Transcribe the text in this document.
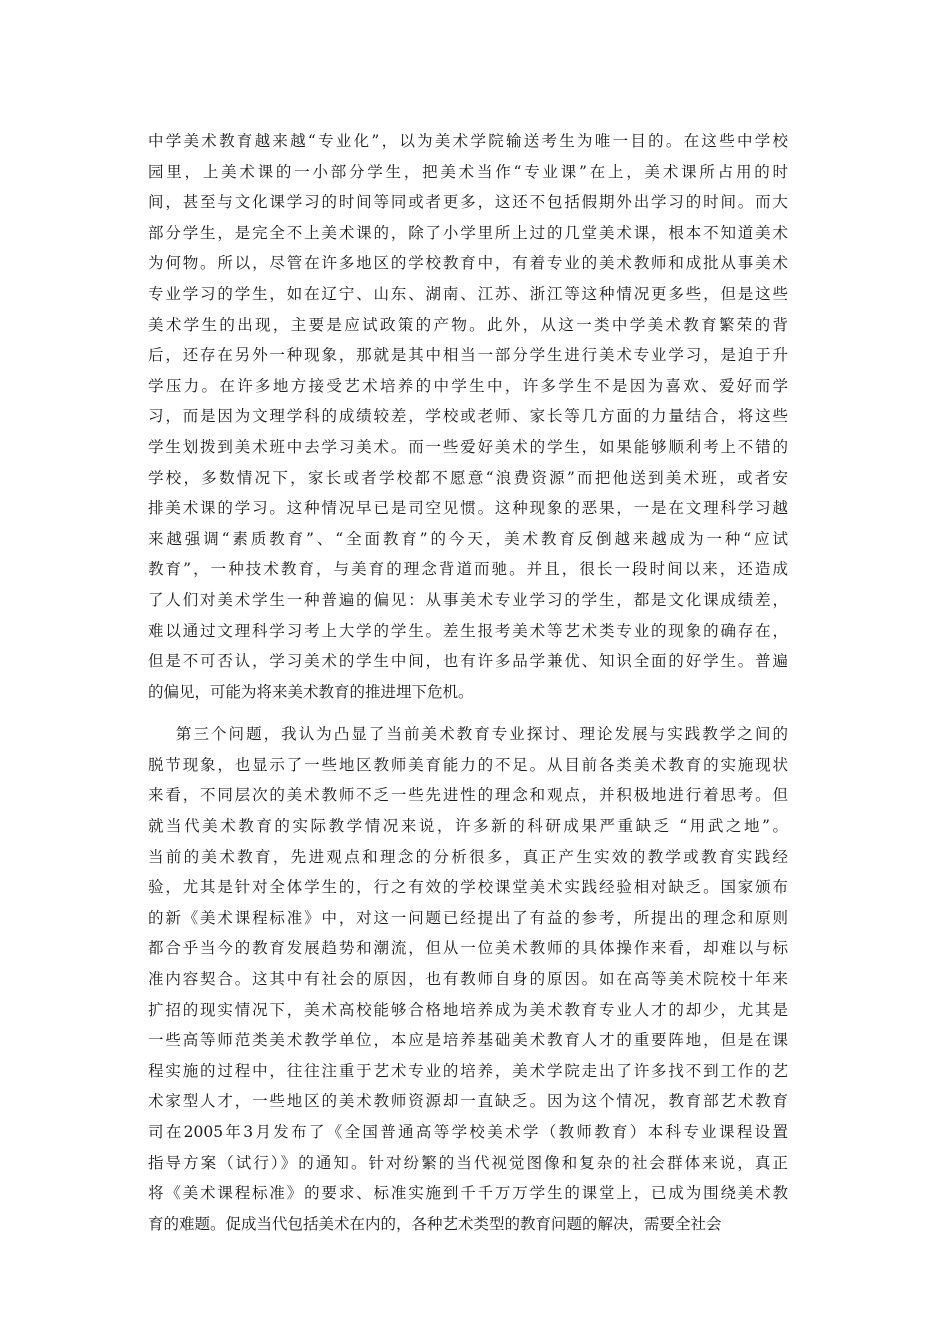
中学美术教育越来越“专业化”，以为美术学院输送考生为唯一目的。在这些中学校
园里，上美术课的一小部分学生，把美术当作“专业课”在上，美术课所占用的时
间，甚至与文化课学习的时间等同或者更多，这还不包括假期外出学习的时间。而大
部分学生，是完全不上美术课的，除了小学里所上过的几堂美术课，根本不知道美术
为何物。所以，尽管在许多地区的学校教育中，有着专业的美术教师和成批从事美术
专业学习的学生，如在辽宁、山东、湖南、江苏、浙江等这种情况更多些，但是这些
美术学生的出现，主要是应试政策的产物。此外，从这一类中学美术教育繁荣的背
后，还存在另外一种现象，那就是其中相当一部分学生进行美术专业学习，是迫于升
学压力。在许多地方接受艺术培养的中学生中，许多学生不是因为喜欢、爱好而学
习，而是因为文理学科的成绩较差，学校或老师、家长等几方面的力量结合，将这些
学生划拨到美术班中去学习美术。而一些爱好美术的学生，如果能够顺利考上不错的
学校，多数情况下，家长或者学校都不愿意“浪费资源”而把他送到美术班，或者安
排美术课的学习。这种情况早已是司空见惯。这种现象的恶果，一是在文理科学习越
来越强调“素质教育”、“全面教育”的今天，美术教育反倒越来越成为一种“应试
教育”，一种技术教育，与美育的理念背道而驰。并且，很长一段时间以来，还造成
了人们对美术学生一种普遍的偏见：从事美术专业学习的学生，都是文化课成绩差，
难以通过文理科学习考上大学的学生。差生报考美术等艺术类专业的现象的确存在，
但是不可否认，学习美术的学生中间，也有许多品学兼优、知识全面的好学生。普遍
的偏见，可能为将来美术教育的推进埋下危机。
第三个问题，我认为凸显了当前美术教育专业探讨、理论发展与实践教学之间的
脱节现象，也显示了一些地区教师美育能力的不足。从目前各类美术教育的实施现状
来看，不同层次的美术教师不乏一些先进性的理念和观点，并积极地进行着思考。但
就当代美术教育的实际教学情况来说，许多新的科研成果严重缺乏 “用武之地”。
当前的美术教育，先进观点和理念的分析很多，真正产生实效的教学或教育实践经
验，尤其是针对全体学生的，行之有效的学校课堂美术实践经验相对缺乏。国家颁布
的新《美术课程标准》中，对这一问题已经提出了有益的参考，所提出的理念和原则
都合乎当今的教育发展趋势和潮流，但从一位美术教师的具体操作来看，却难以与标
准内容契合。这其中有社会的原因，也有教师自身的原因。如在高等美术院校十年来
扩招的现实情况下，美术高校能够合格地培养成为美术教育专业人才的却少，尤其是
一些高等师范类美术教学单位，本应是培养基础美术教育人才的重要阵地，但是在课
程实施的过程中，往往注重于艺术专业的培养，美术学院走出了许多找不到工作的艺
术家型人才，一些地区的美术教师资源却一直缺乏。因为这个情况，教育部艺术教育
司在2005年3月发布了《全国普通高等学校美术学（教师教育）本科专业课程设置
指导方案（试行）》的通知。针对纷繁的当代视觉图像和复杂的社会群体来说，真正
将《美术课程标准》的要求、标准实施到千千万万学生的课堂上，已成为围绕美术教
育的难题。促成当代包括美术在内的，各种艺术类型的教育问题的解决，需要全社会
